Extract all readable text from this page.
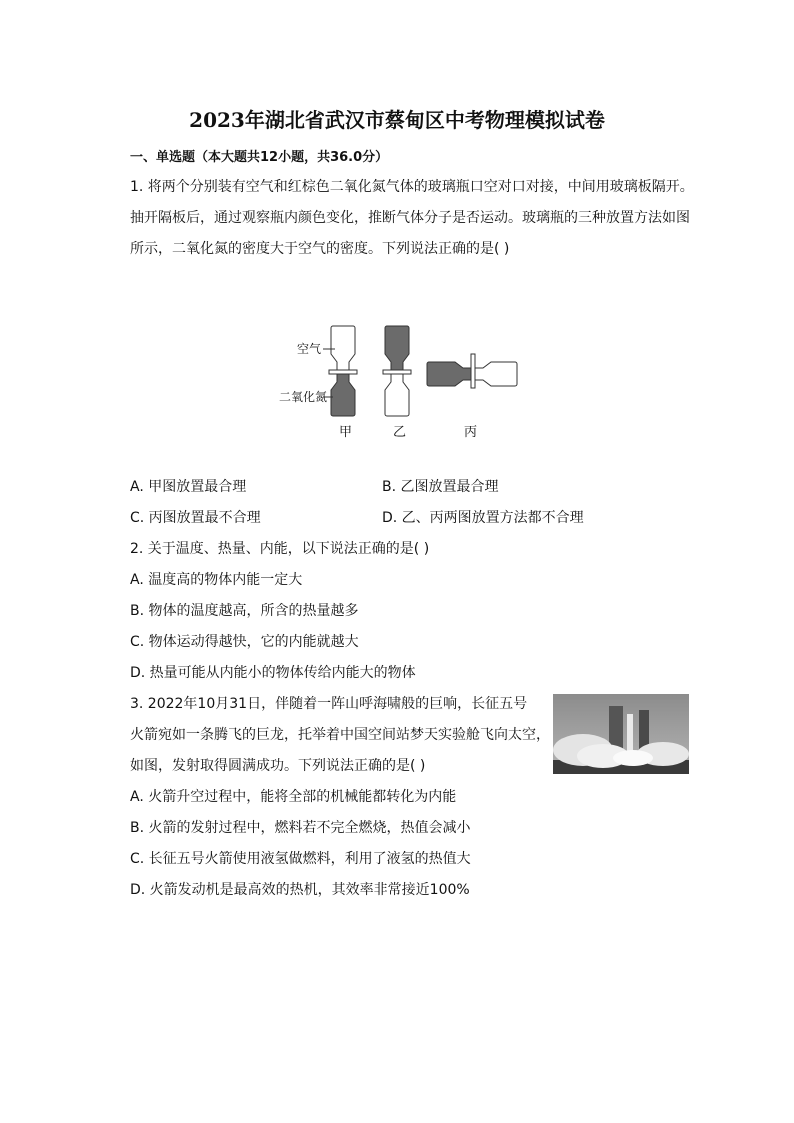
2023年湖北省武汉市蔡甸区中考物理模拟试卷
一、单选题（本大题共12小题，共36.0分）
1. 将两个分别装有空气和红棕色二氧化氮气体的玻璃瓶口空对口对接，中间用玻璃板隔开。
抽开隔板后，通过观察瓶内颜色变化，推断气体分子是否运动。玻璃瓶的三种放置方法如图
所示，二氧化氮的密度大于空气的密度。下列说法正确的是( )
空气
二氧化氮
甲	乙	丙
A. 甲图放置最合理	B. 乙图放置最合理
C. 丙图放置最不合理	D. 乙、丙两图放置方法都不合理
2. 关于温度、热量、内能，以下说法正确的是( )
A. 温度高的物体内能一定大
B. 物体的温度越高，所含的热量越多
C. 物体运动得越快，它的内能就越大
D. 热量可能从内能小的物体传给内能大的物体
3. 2022年10月31日，伴随着一阵山呼海啸般的巨响，长征五号
火箭宛如一条腾飞的巨龙，托举着中国空间站梦天实验舱飞向太空，
如图，发射取得圆满成功。下列说法正确的是( )
A. 火箭升空过程中，能将全部的机械能都转化为内能
B. 火箭的发射过程中，燃料若不完全燃烧，热值会减小
C. 长征五号火箭使用液氢做燃料，利用了液氢的热值大
D. 火箭发动机是最高效的热机，其效率非常接近100%
